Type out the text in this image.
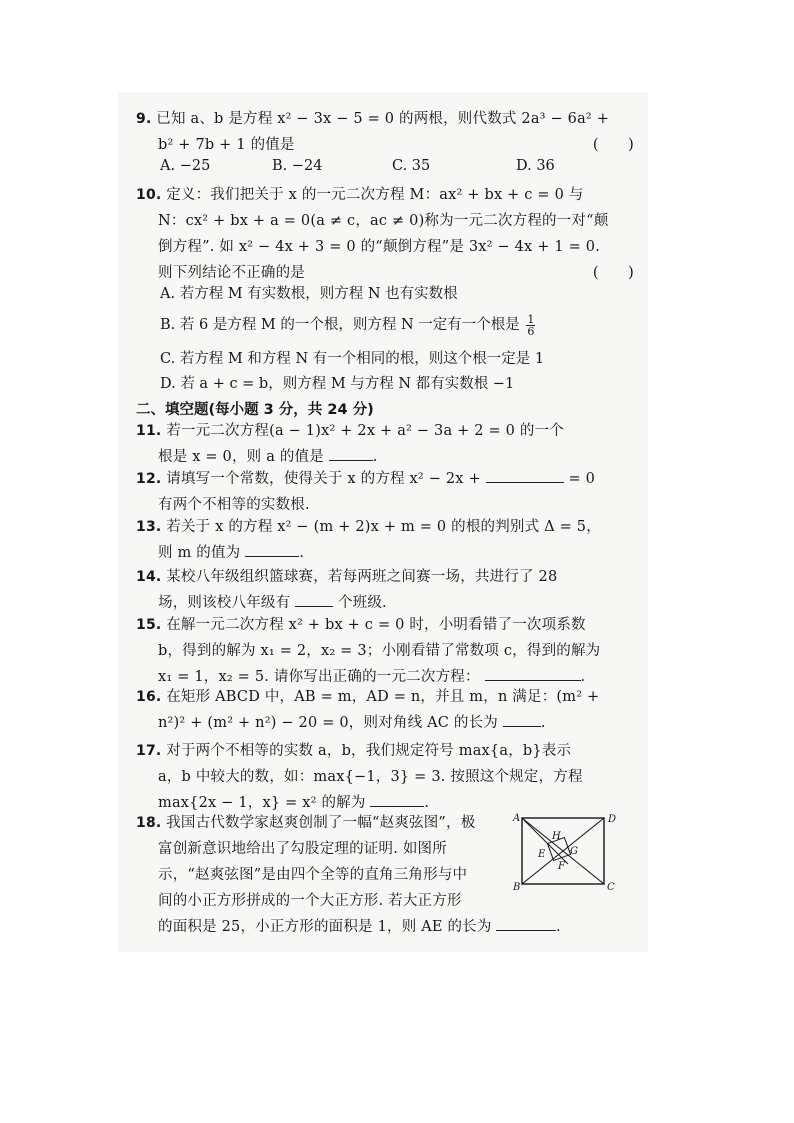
9. 已知 a、b 是方程 x² − 3x − 5 = 0 的两根，则代数式 2a³ − 6a² +
b² + 7b + 1 的值是	(　　)
A. −25	B. −24	C. 35	D. 36
10. 定义：我们把关于 x 的一元二次方程 M：ax² + bx + c = 0 与
N：cx² + bx + a = 0(a ≠ c，ac ≠ 0)称为一元二次方程的一对“颠
倒方程”. 如 x² − 4x + 3 = 0 的“颠倒方程”是 3x² − 4x + 1 = 0.
则下列结论不正确的是	(　　)
A. 若方程 M 有实数根，则方程 N 也有实数根
B. 若 6 是方程 M 的一个根，则方程 N 一定有一个根是 $\frac{1}{6}$
C. 若方程 M 和方程 N 有一个相同的根，则这个根一定是 1
D. 若 a + c = b，则方程 M 与方程 N 都有实数根 −1
二、填空题(每小题 3 分，共 24 分)
11. 若一元二次方程(a − 1)x² + 2x + a² − 3a + 2 = 0 的一个
根是 x = 0，则 a 的值是	.
12. 请填写一个常数，使得关于 x 的方程 x² − 2x +	= 0
有两个不相等的实数根.
13. 若关于 x 的方程 x² − (m + 2)x + m = 0 的根的判别式 Δ = 5，
则 m 的值为	.
14. 某校八年级组织篮球赛，若每两班之间赛一场，共进行了 28
场，则该校八年级有	个班级.
15. 在解一元二次方程 x² + bx + c = 0 时，小明看错了一次项系数
b，得到的解为 x₁ = 2，x₂ = 3；小刚看错了常数项 c，得到的解为
x₁ = 1，x₂ = 5. 请你写出正确的一元二次方程：	.
16. 在矩形 ABCD 中，AB = m，AD = n，并且 m，n 满足：(m² +
n²)² + (m² + n²) − 20 = 0，则对角线 AC 的长为	.
17. 对于两个不相等的实数 a，b，我们规定符号 max{a，b}表示
a，b 中较大的数，如：max{−1，3} = 3. 按照这个规定，方程
max{2x − 1，x} = x² 的解为	.
18. 我国古代数学家赵爽创制了一幅“赵爽弦图”，极
富创新意识地给出了勾股定理的证明. 如图所
示，“赵爽弦图”是由四个全等的直角三角形与中
间的小正方形拼成的一个大正方形. 若大正方形
的面积是 25，小正方形的面积是 1，则 AE 的长为	.
A	D
B	C
H
E G
F
